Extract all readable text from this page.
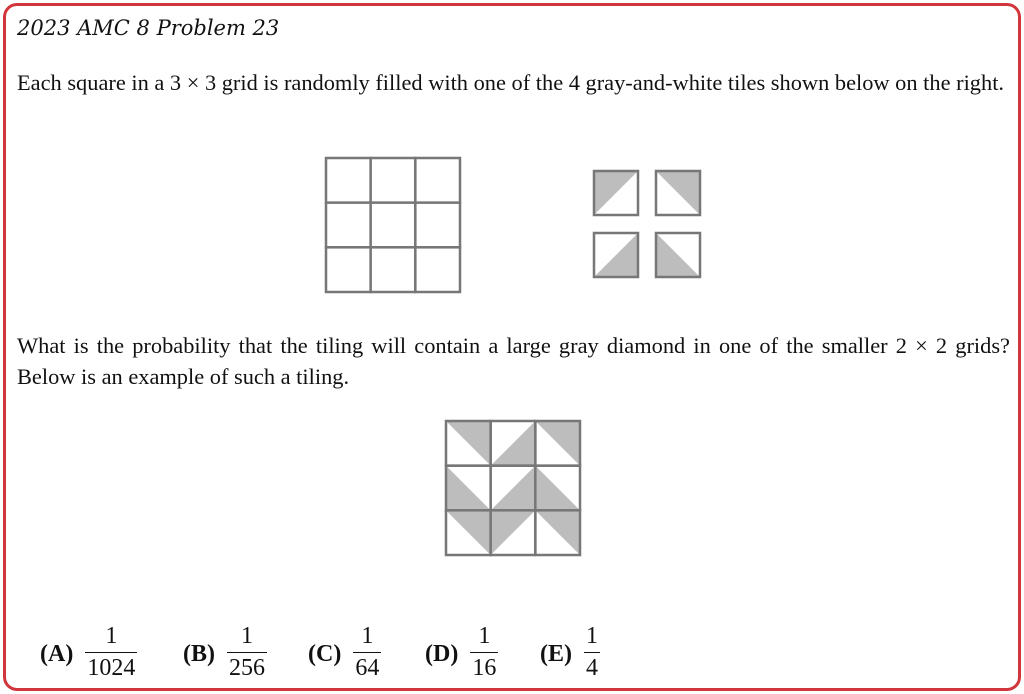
2023 AMC 8 Problem 23
Each square in a 3 × 3 grid is randomly filled with one of the 4 gray-and-white tiles shown below on the right.
What is the probability that the tiling will contain a large gray diamond in one of the smaller 2 × 2 grids? Below is an example of such a tiling.
$(A) \frac{1}{1024} (B) \frac{1}{256} (C) \frac{1}{64} (D) \frac{1}{16} (E) \frac{1}{4}$
